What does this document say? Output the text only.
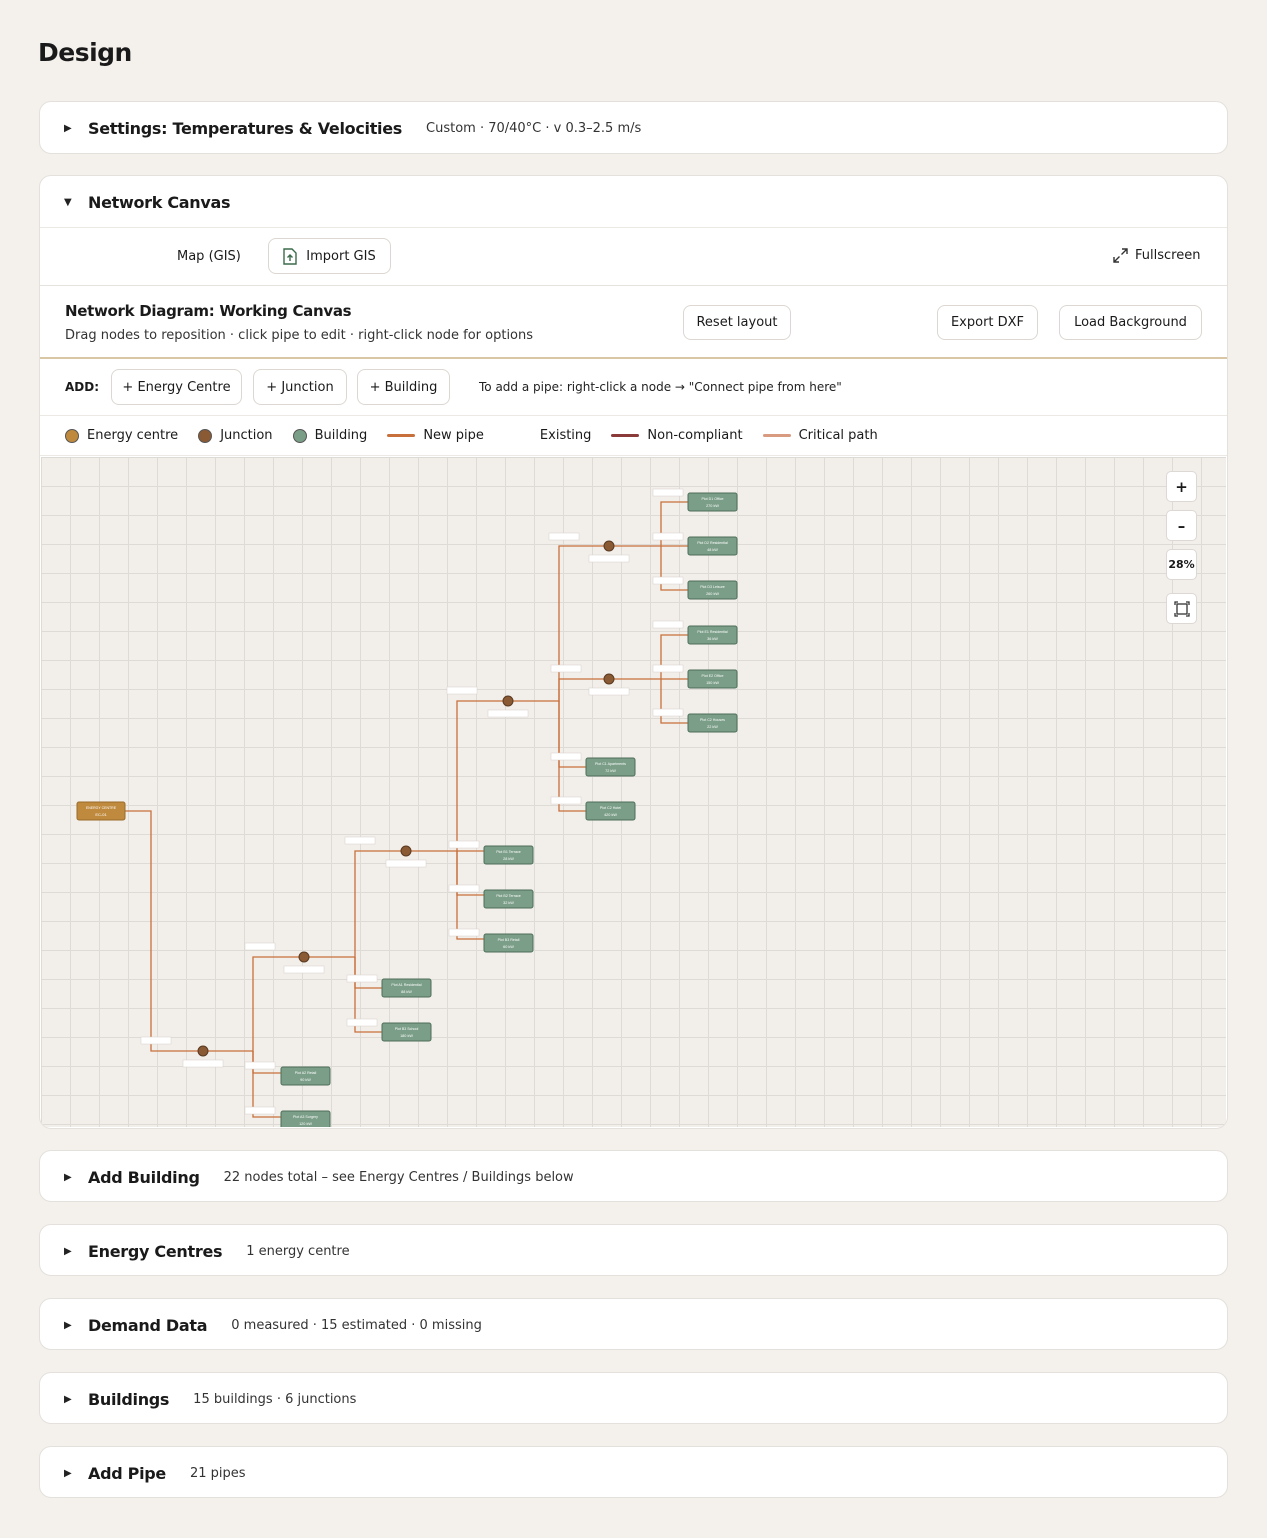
Design
▶	Settings: Temperatures & Velocities Custom · 70/40°C · v 0.3–2.5 m/s
▼	Network Canvas
Map (GIS)	Import GIS	Fullscreen
Network Diagram: Working Canvas
Drag nodes to reposition · click pipe to edit · right-click node for options
Reset layout	Export DXF	Load Background
ADD:	+ Energy Centre	+ Junction	+ Building	To add a pipe: right-click a node → "Connect pipe from here"
Energy centre	Junction	Building	New pipe	Existing	Non-compliant	Critical path
ENERGY CENTRE
EC-01
Plot D1 Office
270 kW
Plot D2 Residential
48 kW
Plot D3 Leisure
260 kW
Plot E1 Residential
36 kW
Plot E2 Office
150 kW
Plot C2 Houses
22 kW
Plot C1 Apartments
72 kW
Plot C2 Hotel
420 kW
Plot B1 Terrace
28 kW
Plot B2 Terrace
32 kW
Plot B3 Retail
60 kW
Plot A1 Residential
88 kW
Plot B3 School
180 kW
Plot A2 Retail
90 kW
Plot A3 Surgery
120 kW
+
–
28%
▶	Add Building 22 nodes total – see Energy Centres / Buildings below
▶	Energy Centres 1 energy centre
▶	Demand Data 0 measured · 15 estimated · 0 missing
▶	Buildings 15 buildings · 6 junctions
▶	Add Pipe 21 pipes
